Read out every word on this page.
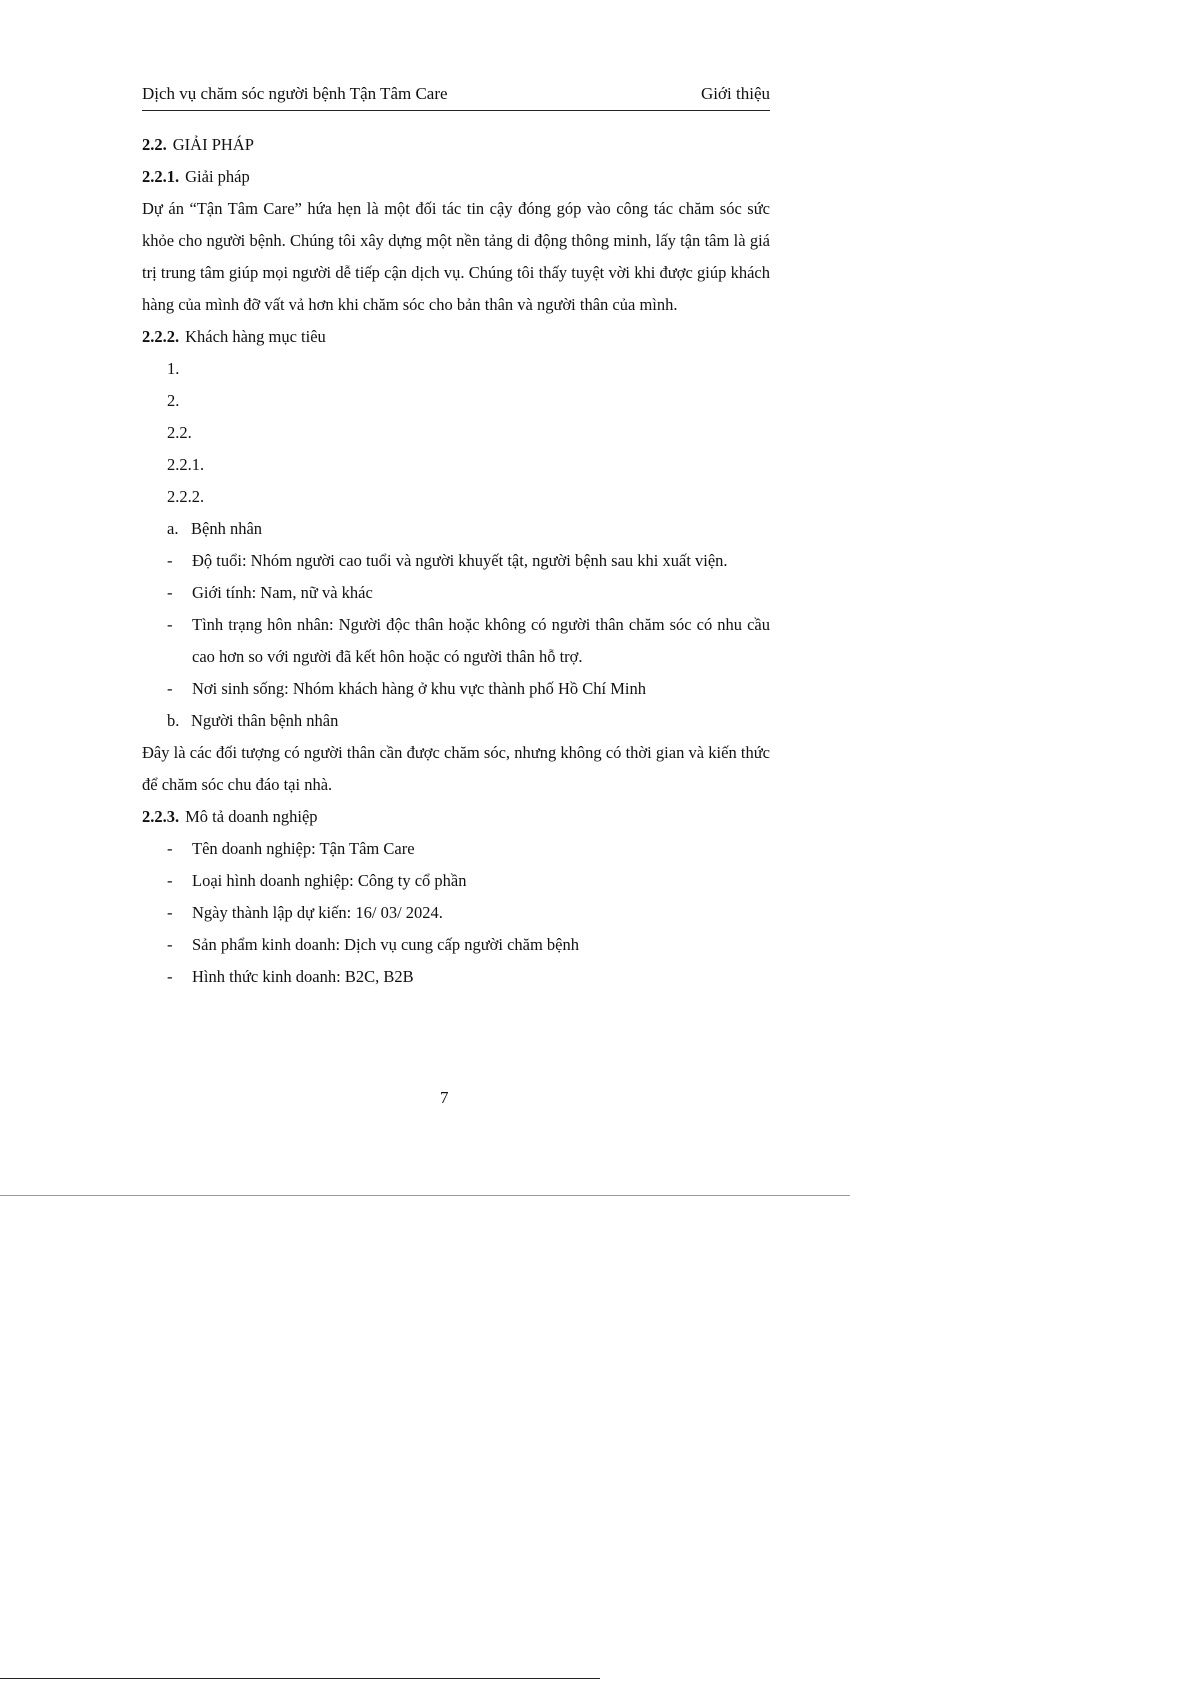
Dịch vụ chăm sóc người bệnh Tận Tâm Care	Giới thiệu
2.2. GIẢI PHÁP
2.2.1. Giải pháp
Dự án “Tận Tâm Care” hứa hẹn là một đối tác tin cậy đóng góp vào công tác chăm sóc sức khỏe cho người bệnh. Chúng tôi xây dựng một nền tảng di động thông minh, lấy tận tâm là giá trị trung tâm giúp mọi người dễ tiếp cận dịch vụ. Chúng tôi thấy tuyệt vời khi được giúp khách hàng của mình đỡ vất vả hơn khi chăm sóc cho bản thân và người thân của mình.
2.2.2. Khách hàng mục tiêu
1.
2.
2.2.
2.2.1.
2.2.2.
a. Bệnh nhân
- Độ tuổi: Nhóm người cao tuổi và người khuyết tật, người bệnh sau khi xuất viện.
- Giới tính: Nam, nữ và khác
- Tình trạng hôn nhân: Người độc thân hoặc không có người thân chăm sóc có nhu cầu cao hơn so với người đã kết hôn hoặc có người thân hỗ trợ.
- Nơi sinh sống: Nhóm khách hàng ở khu vực thành phố Hồ Chí Minh
b. Người thân bệnh nhân
Đây là các đối tượng có người thân cần được chăm sóc, nhưng không có thời gian và kiến thức để chăm sóc chu đáo tại nhà.
2.2.3. Mô tả doanh nghiệp
- Tên doanh nghiệp: Tận Tâm Care
- Loại hình doanh nghiệp: Công ty cổ phần
- Ngày thành lập dự kiến: 16/ 03/ 2024.
- Sản phẩm kinh doanh: Dịch vụ cung cấp người chăm bệnh
- Hình thức kinh doanh: B2C, B2B
7
